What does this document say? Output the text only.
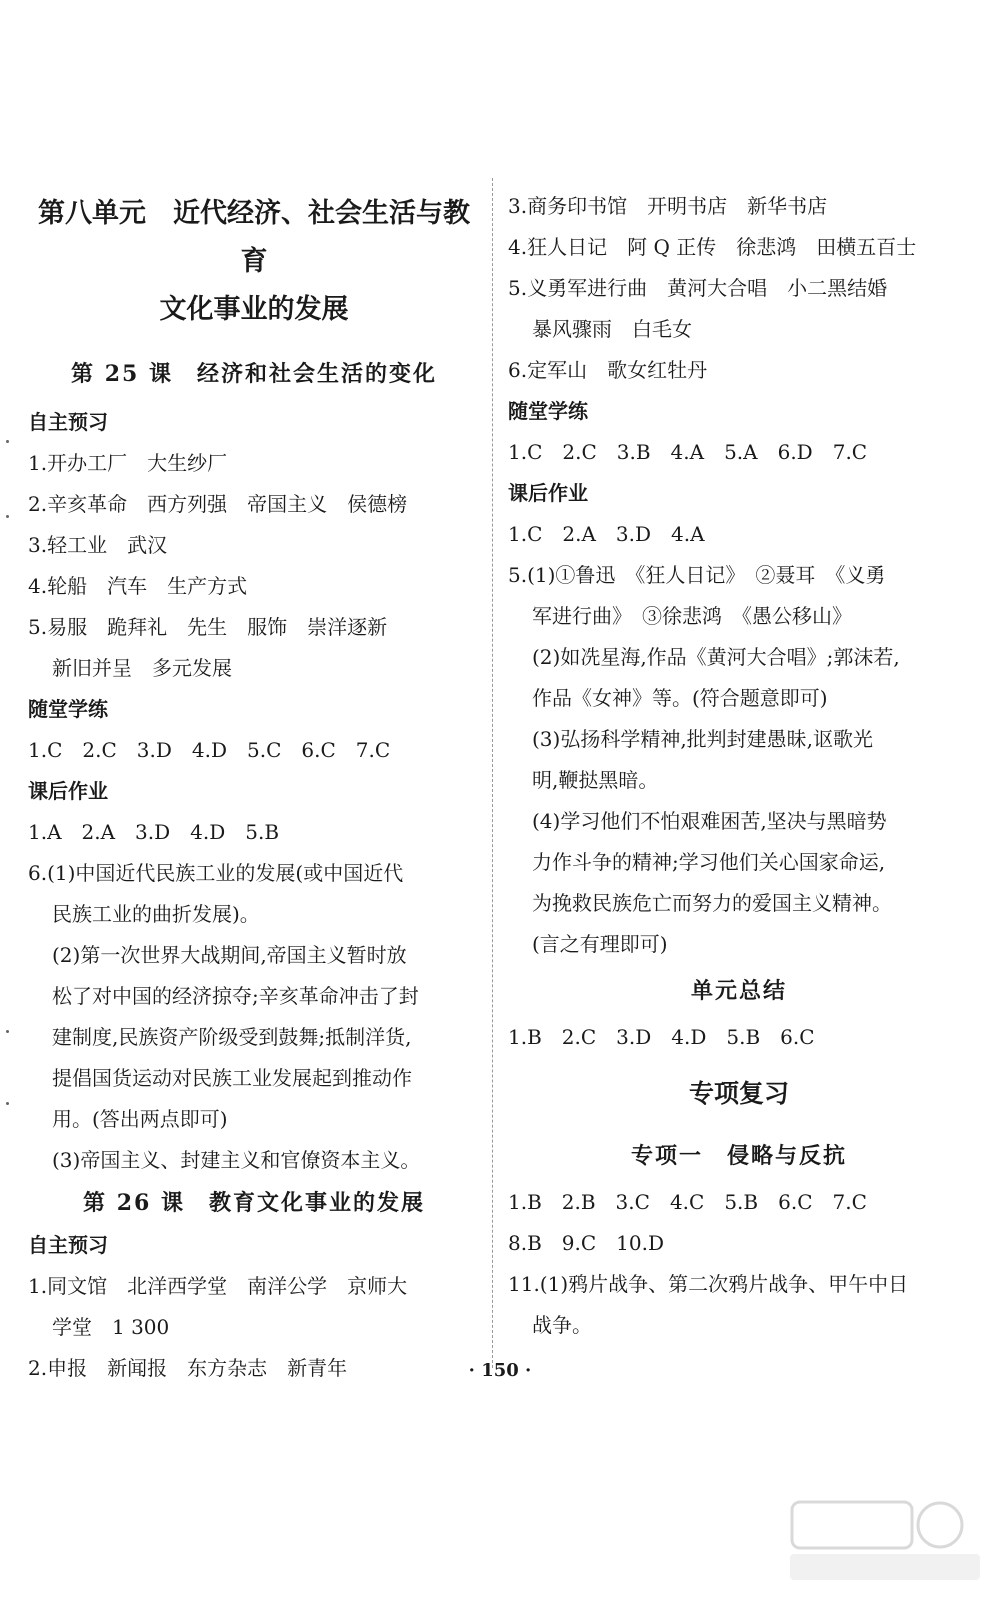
第八单元　近代经济、社会生活与教育
文化事业的发展
第 25 课　经济和社会生活的变化
自主预习
1.开办工厂　大生纱厂
2.辛亥革命　西方列强　帝国主义　侯德榜
3.轻工业　武汉
4.轮船　汽车　生产方式
5.易服　跪拜礼　先生　服饰　崇洋逐新
新旧并呈　多元发展
随堂学练
1.C　2.C　3.D　4.D　5.C　6.C　7.C
课后作业
1.A　2.A　3.D　4.D　5.B
6.(1)中国近代民族工业的发展(或中国近代
民族工业的曲折发展)。
(2)第一次世界大战期间,帝国主义暂时放
松了对中国的经济掠夺;辛亥革命冲击了封
建制度,民族资产阶级受到鼓舞;抵制洋货,
提倡国货运动对民族工业发展起到推动作
用。(答出两点即可)
(3)帝国主义、封建主义和官僚资本主义。
第 26 课　教育文化事业的发展
自主预习
1.同文馆　北洋西学堂　南洋公学　京师大
学堂　1 300
2.申报　新闻报　东方杂志　新青年
3.商务印书馆　开明书店　新华书店
4.狂人日记　阿 Q 正传　徐悲鸿　田横五百士
5.义勇军进行曲　黄河大合唱　小二黑结婚
暴风骤雨　白毛女
6.定军山　歌女红牡丹
随堂学练
1.C　2.C　3.B　4.A　5.A　6.D　7.C
课后作业
1.C　2.A　3.D　4.A
5.(1)①鲁迅　《狂人日记》　②聂耳　《义勇
军进行曲》　③徐悲鸿　《愚公移山》
(2)如冼星海,作品《黄河大合唱》;郭沫若,
作品《女神》等。(符合题意即可)
(3)弘扬科学精神,批判封建愚昧,讴歌光
明,鞭挞黑暗。
(4)学习他们不怕艰难困苦,坚决与黑暗势
力作斗争的精神;学习他们关心国家命运,
为挽救民族危亡而努力的爱国主义精神。
(言之有理即可)
单元总结
1.B　2.C　3.D　4.D　5.B　6.C
专项复习
专项一　侵略与反抗
1.B　2.B　3.C　4.C　5.B　6.C　7.C
8.B　9.C　10.D
11.(1)鸦片战争、第二次鸦片战争、甲午中日
战争。
· 150 ·
